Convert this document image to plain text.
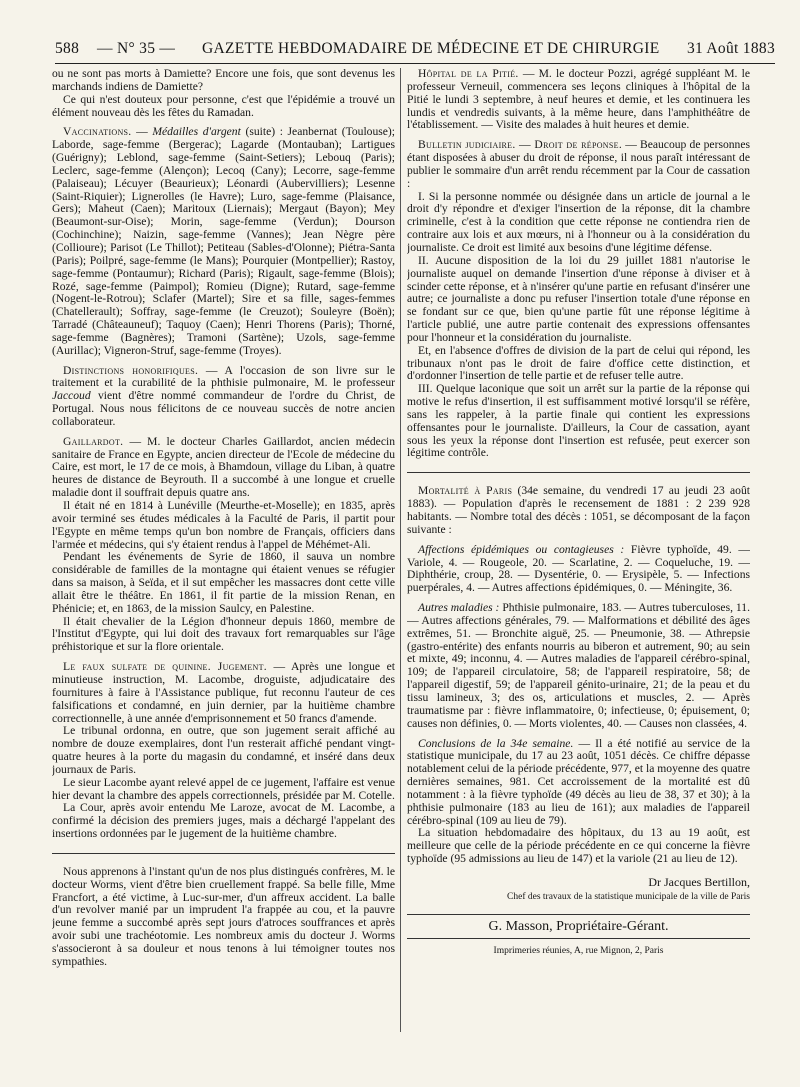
588 — N° 35 — GAZETTE HEBDOMADAIRE DE MÉDECINE ET DE CHIRURGIE 31 Août 1883

ou ne sont pas morts à Damiette? Encore une fois, que sont devenus les marchands indiens de Damiette?

Ce qui n'est douteux pour personne, c'est que l'épidémie a trouvé un élément nouveau dès les fêtes du Ramadan.

Vaccinations. — Médailles d'argent (suite) : Jeanbernat (Toulouse); Laborde, sage-femme (Bergerac); Lagarde (Montauban); Lartigues (Guérigny); Leblond, sage-femme (Saint-Setiers); Lebouq (Paris); Leclerc, sage-femme (Alençon); Lecoq (Cany); Lecorre, sage-femme (Palaiseau); Lécuyer (Beaurieux); Léonardi (Aubervilliers); Lesenne (Saint-Riquier); Lignerolles (le Havre); Luro, sage-femme (Plaisance, Gers); Maheut (Caen); Maritoux (Liernais); Mergaut (Bayon); Mey (Beaumont-sur-Oise); Morin, sage-femme (Verdun); Dourson (Cochinchine); Naizin, sage-femme (Vannes); Jean Nègre père (Collioure); Parisot (Le Thillot); Petiteau (Sables-d'Olonne); Piétra-Santa (Paris); Poilpré, sage-femme (le Mans); Pourquier (Montpellier); Rastoy, sage-femme (Pontaumur); Richard (Paris); Rigault, sage-femme (Blois); Rozé, sage-femme (Paimpol); Romieu (Digne); Rutard, sage-femme (Nogent-le-Rotrou); Sclafer (Martel); Sire et sa fille, sages-femmes (Chatellerault); Soffray, sage-femme (le Creuzot); Souleyre (Boën); Tarradé (Châteauneuf); Taquoy (Caen); Henri Thorens (Paris); Thorné, sage-femme (Bagnères); Tramoni (Sartène); Uzols, sage-femme (Aurillac); Vigneron-Struf, sage-femme (Troyes).

Distinctions honorifiques. — A l'occasion de son livre sur le traitement et la curabilité de la phthisie pulmonaire, M. le professeur Jaccoud vient d'être nommé commandeur de l'ordre du Christ, de Portugal. Nous nous félicitons de ce nouveau succès de notre ancien collaborateur.

Gaillardot. — M. le docteur Charles Gaillardot, ancien médecin sanitaire de France en Egypte, ancien directeur de l'Ecole de médecine du Caire, est mort, le 17 de ce mois, à Bhamdoun, village du Liban, à quatre heures de distance de Beyrouth. Il a succombé à une longue et cruelle maladie dont il souffrait depuis quatre ans.

Il était né en 1814 à Lunéville (Meurthe-et-Moselle); en 1835, après avoir terminé ses études médicales à la Faculté de Paris, il partit pour l'Egypte en même temps qu'un bon nombre de Français, officiers dans l'armée et médecins, qui s'y étaient rendus à l'appel de Méhémet-Ali.

Pendant les événements de Syrie de 1860, il sauva un nombre considérable de familles de la montagne qui étaient venues se réfugier dans sa maison, à Seïda, et il sut empêcher les massacres dont cette ville allait être le théâtre. En 1861, il fit partie de la mission Renan, en Phénicie; et, en 1863, de la mission Saulcy, en Palestine.

Il était chevalier de la Légion d'honneur depuis 1860, membre de l'Institut d'Egypte, qui lui doit des travaux fort remarquables sur l'âge préhistorique et sur la flore orientale.

Le faux sulfate de quinine. Jugement. — Après une longue et minutieuse instruction, M. Lacombe, droguiste, adjudicataire des fournitures à faire à l'Assistance publique, fut reconnu l'auteur de ces falsifications et condamné, en juin dernier, par la huitième chambre correctionnelle, à une année d'emprisonnement et 50 francs d'amende.

Le tribunal ordonna, en outre, que son jugement serait affiché au nombre de douze exemplaires, dont l'un resterait affiché pendant vingt-quatre heures à la porte du magasin du condamné, et inséré dans deux journaux de Paris.

Le sieur Lacombe ayant relevé appel de ce jugement, l'affaire est venue hier devant la chambre des appels correctionnels, présidée par M. Cotelle.

La Cour, après avoir entendu Me Laroze, avocat de M. Lacombe, a confirmé la décision des premiers juges, mais a déchargé l'appelant des insertions ordonnées par le jugement de la huitième chambre.

Nous apprenons à l'instant qu'un de nos plus distingués confrères, M. le docteur Worms, vient d'être bien cruellement frappé. Sa belle fille, Mme Francfort, a été victime, à Luc-sur-mer, d'un affreux accident. La balle d'un revolver manié par un imprudent l'a frappée au cou, et la pauvre jeune femme a succombé après sept jours d'atroces souffrances et après avoir subi une trachéotomie. Les nombreux amis du docteur J. Worms s'associeront à sa douleur et nous tenons à lui témoigner toutes nos sympathies.

Hôpital de la Pitié. — M. le docteur Pozzi, agrégé suppléant M. le professeur Verneuil, commencera ses leçons cliniques à l'hôpital de la Pitié le lundi 3 septembre, à neuf heures et demie, et les continuera les lundis et vendredis suivants, à la même heure, dans l'amphithéâtre de l'établissement. — Visite des malades à huit heures et demie.

Bulletin judiciaire. — Droit de réponse. — Beaucoup de personnes étant disposées à abuser du droit de réponse, il nous paraît intéressant de publier le sommaire d'un arrêt rendu récemment par la Cour de cassation :

I. Si la personne nommée ou désignée dans un article de journal a le droit d'y répondre et d'exiger l'insertion de la réponse, dit la chambre criminelle, c'est à la condition que cette réponse ne contiendra rien de contraire aux lois et aux mœurs, ni à l'honneur ou à la considération du journaliste. Ce droit est limité aux besoins d'une légitime défense.

II. Aucune disposition de la loi du 29 juillet 1881 n'autorise le journaliste auquel on demande l'insertion d'une réponse à diviser et à scinder cette réponse, et à n'insérer qu'une partie en refusant d'insérer une autre; ce journaliste a donc pu refuser l'insertion totale d'une réponse en se fondant sur ce que, bien qu'une partie fût une réponse légitime à l'article publié, une autre partie contenait des expressions offensantes pour l'honneur et la considération du journaliste.

Et, en l'absence d'offres de division de la part de celui qui répond, les tribunaux n'ont pas le droit de faire d'office cette distinction, et d'ordonner l'insertion de telle partie et de refuser telle autre.

III. Quelque laconique que soit un arrêt sur la partie de la réponse qui motive le refus d'insertion, il est suffisamment motivé lorsqu'il se réfère, sans les rappeler, à la partie finale qui contient les expressions offensantes pour le journaliste. D'ailleurs, la Cour de cassation, ayant sous les yeux la réponse dont l'insertion est refusée, peut exercer son légitime contrôle.

Mortalité à Paris (34e semaine, du vendredi 17 au jeudi 23 août 1883). — Population d'après le recensement de 1881 : 2 239 928 habitants. — Nombre total des décès : 1051, se décomposant de la façon suivante :

Affections épidémiques ou contagieuses : Fièvre typhoïde, 49. — Variole, 4. — Rougeole, 20. — Scarlatine, 2. — Coqueluche, 19. — Diphthérie, croup, 28. — Dysentérie, 0. — Erysipèle, 5. — Infections puerpérales, 4. — Autres affections épidémiques, 0. — Méningite, 36.

Autres maladies : Phthisie pulmonaire, 183. — Autres tuberculoses, 11. — Autres affections générales, 79. — Malformations et débilité des âges extrêmes, 51. — Bronchite aiguë, 25. — Pneumonie, 38. — Athrepsie (gastro-entérite) des enfants nourris au biberon et autrement, 90; au sein et mixte, 49; inconnu, 4. — Autres maladies de l'appareil cérébro-spinal, 109; de l'appareil circulatoire, 58; de l'appareil respiratoire, 58; de l'appareil digestif, 59; de l'appareil génito-urinaire, 21; de la peau et du tissu lamineux, 3; des os, articulations et muscles, 2. — Après traumatisme par : fièvre inflammatoire, 0; infectieuse, 0; épuisement, 0; causes non définies, 0. — Morts violentes, 40. — Causes non classées, 4.

Conclusions de la 34e semaine. — Il a été notifié au service de la statistique municipale, du 17 au 23 août, 1051 décès. Ce chiffre dépasse notablement celui de la période précédente, 977, et la moyenne des quatre dernières semaines, 981. Cet accroissement de la mortalité est dû notamment : à la fièvre typhoïde (49 décès au lieu de 38, 37 et 30); à la phthisie pulmonaire (183 au lieu de 161); aux maladies de l'appareil cérébro-spinal (109 au lieu de 79).

La situation hebdomadaire des hôpitaux, du 13 au 19 août, est meilleure que celle de la période précédente en ce qui concerne la fièvre typhoïde (95 admissions au lieu de 147) et la variole (21 au lieu de 12).

Dr Jacques Bertillon,

Chef des travaux de la statistique municipale de la ville de Paris

G. Masson, Propriétaire-Gérant.

Imprimeries réunies, A, rue Mignon, 2, Paris
